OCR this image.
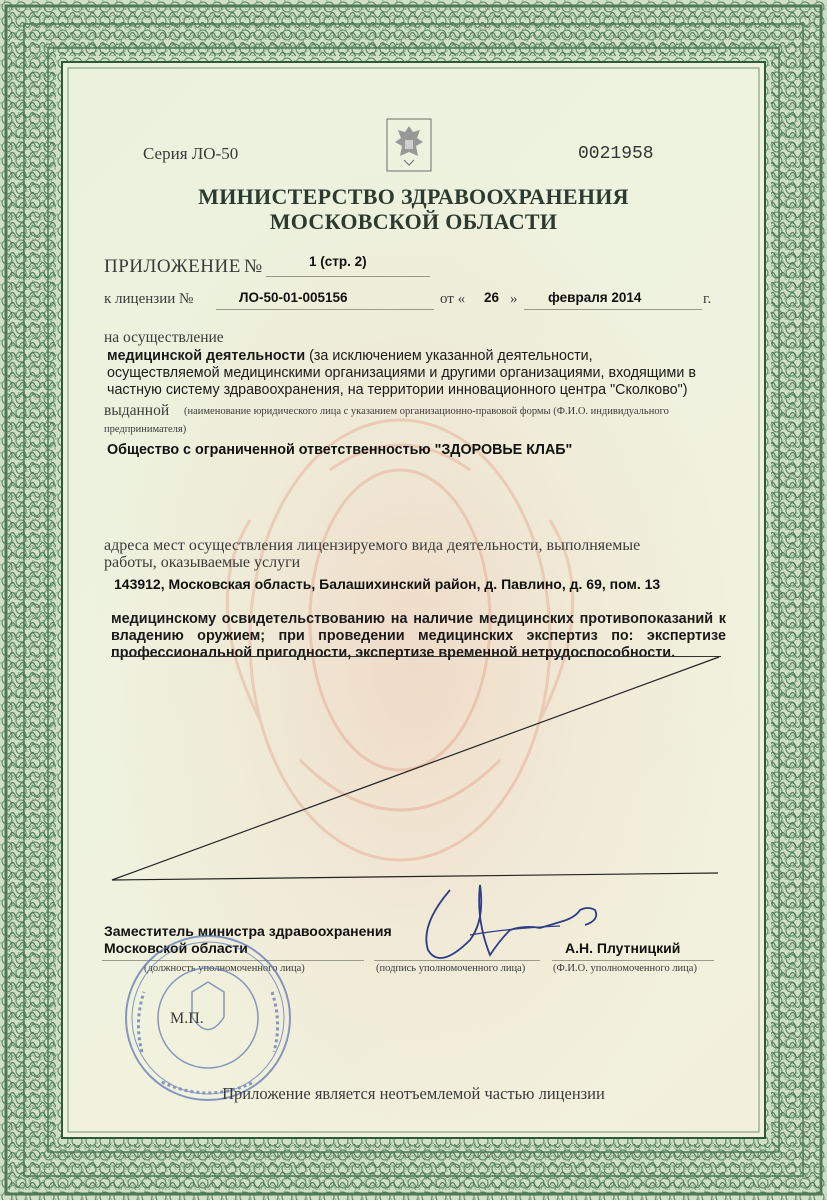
Серия ЛО-50	0021958

МИНИСТЕРСТВО ЗДРАВООХРАНЕНИЯ

МОСКОВСКОЙ ОБЛАСТИ

ПРИЛОЖЕНИЕ №	1 (стр. 2)

к лицензии №	ЛО-50-01-005156	от « 26 » февраля 2014	г.

на осуществление

медицинской деятельности (за исключением указанной деятельности,
осуществляемой медицинскими организациями и другими организациями, входящими в
частную систему здравоохранения, на территории инновационного центра "Сколково")

выданной (наименование юридического лица с указанием организационно-правовой формы (Ф.И.О. индивидуального

предпринимателя)

Общество с ограниченной ответственностью "ЗДОРОВЬЕ КЛАБ"

адреса мест осуществления лицензируемого вида деятельности, выполняемые

работы, оказываемые услуги

143912, Московская область, Балашихинский район, д. Павлино, д. 69, пом. 13

медицинскому освидетельствованию на наличие медицинских противопоказаний к
владению оружием; при проведении медицинских экспертиз по: экспертизе
профессиональной пригодности, экспертизе временной нетрудоспособности.

Заместитель министра здравоохранения

Московской области	А.Н. Плутницкий

(должность уполномоченного лица)	(подпись уполномоченного лица)	(Ф.И.О. уполномоченного лица)

М.П.

Приложение является неотъемлемой частью лицензии
